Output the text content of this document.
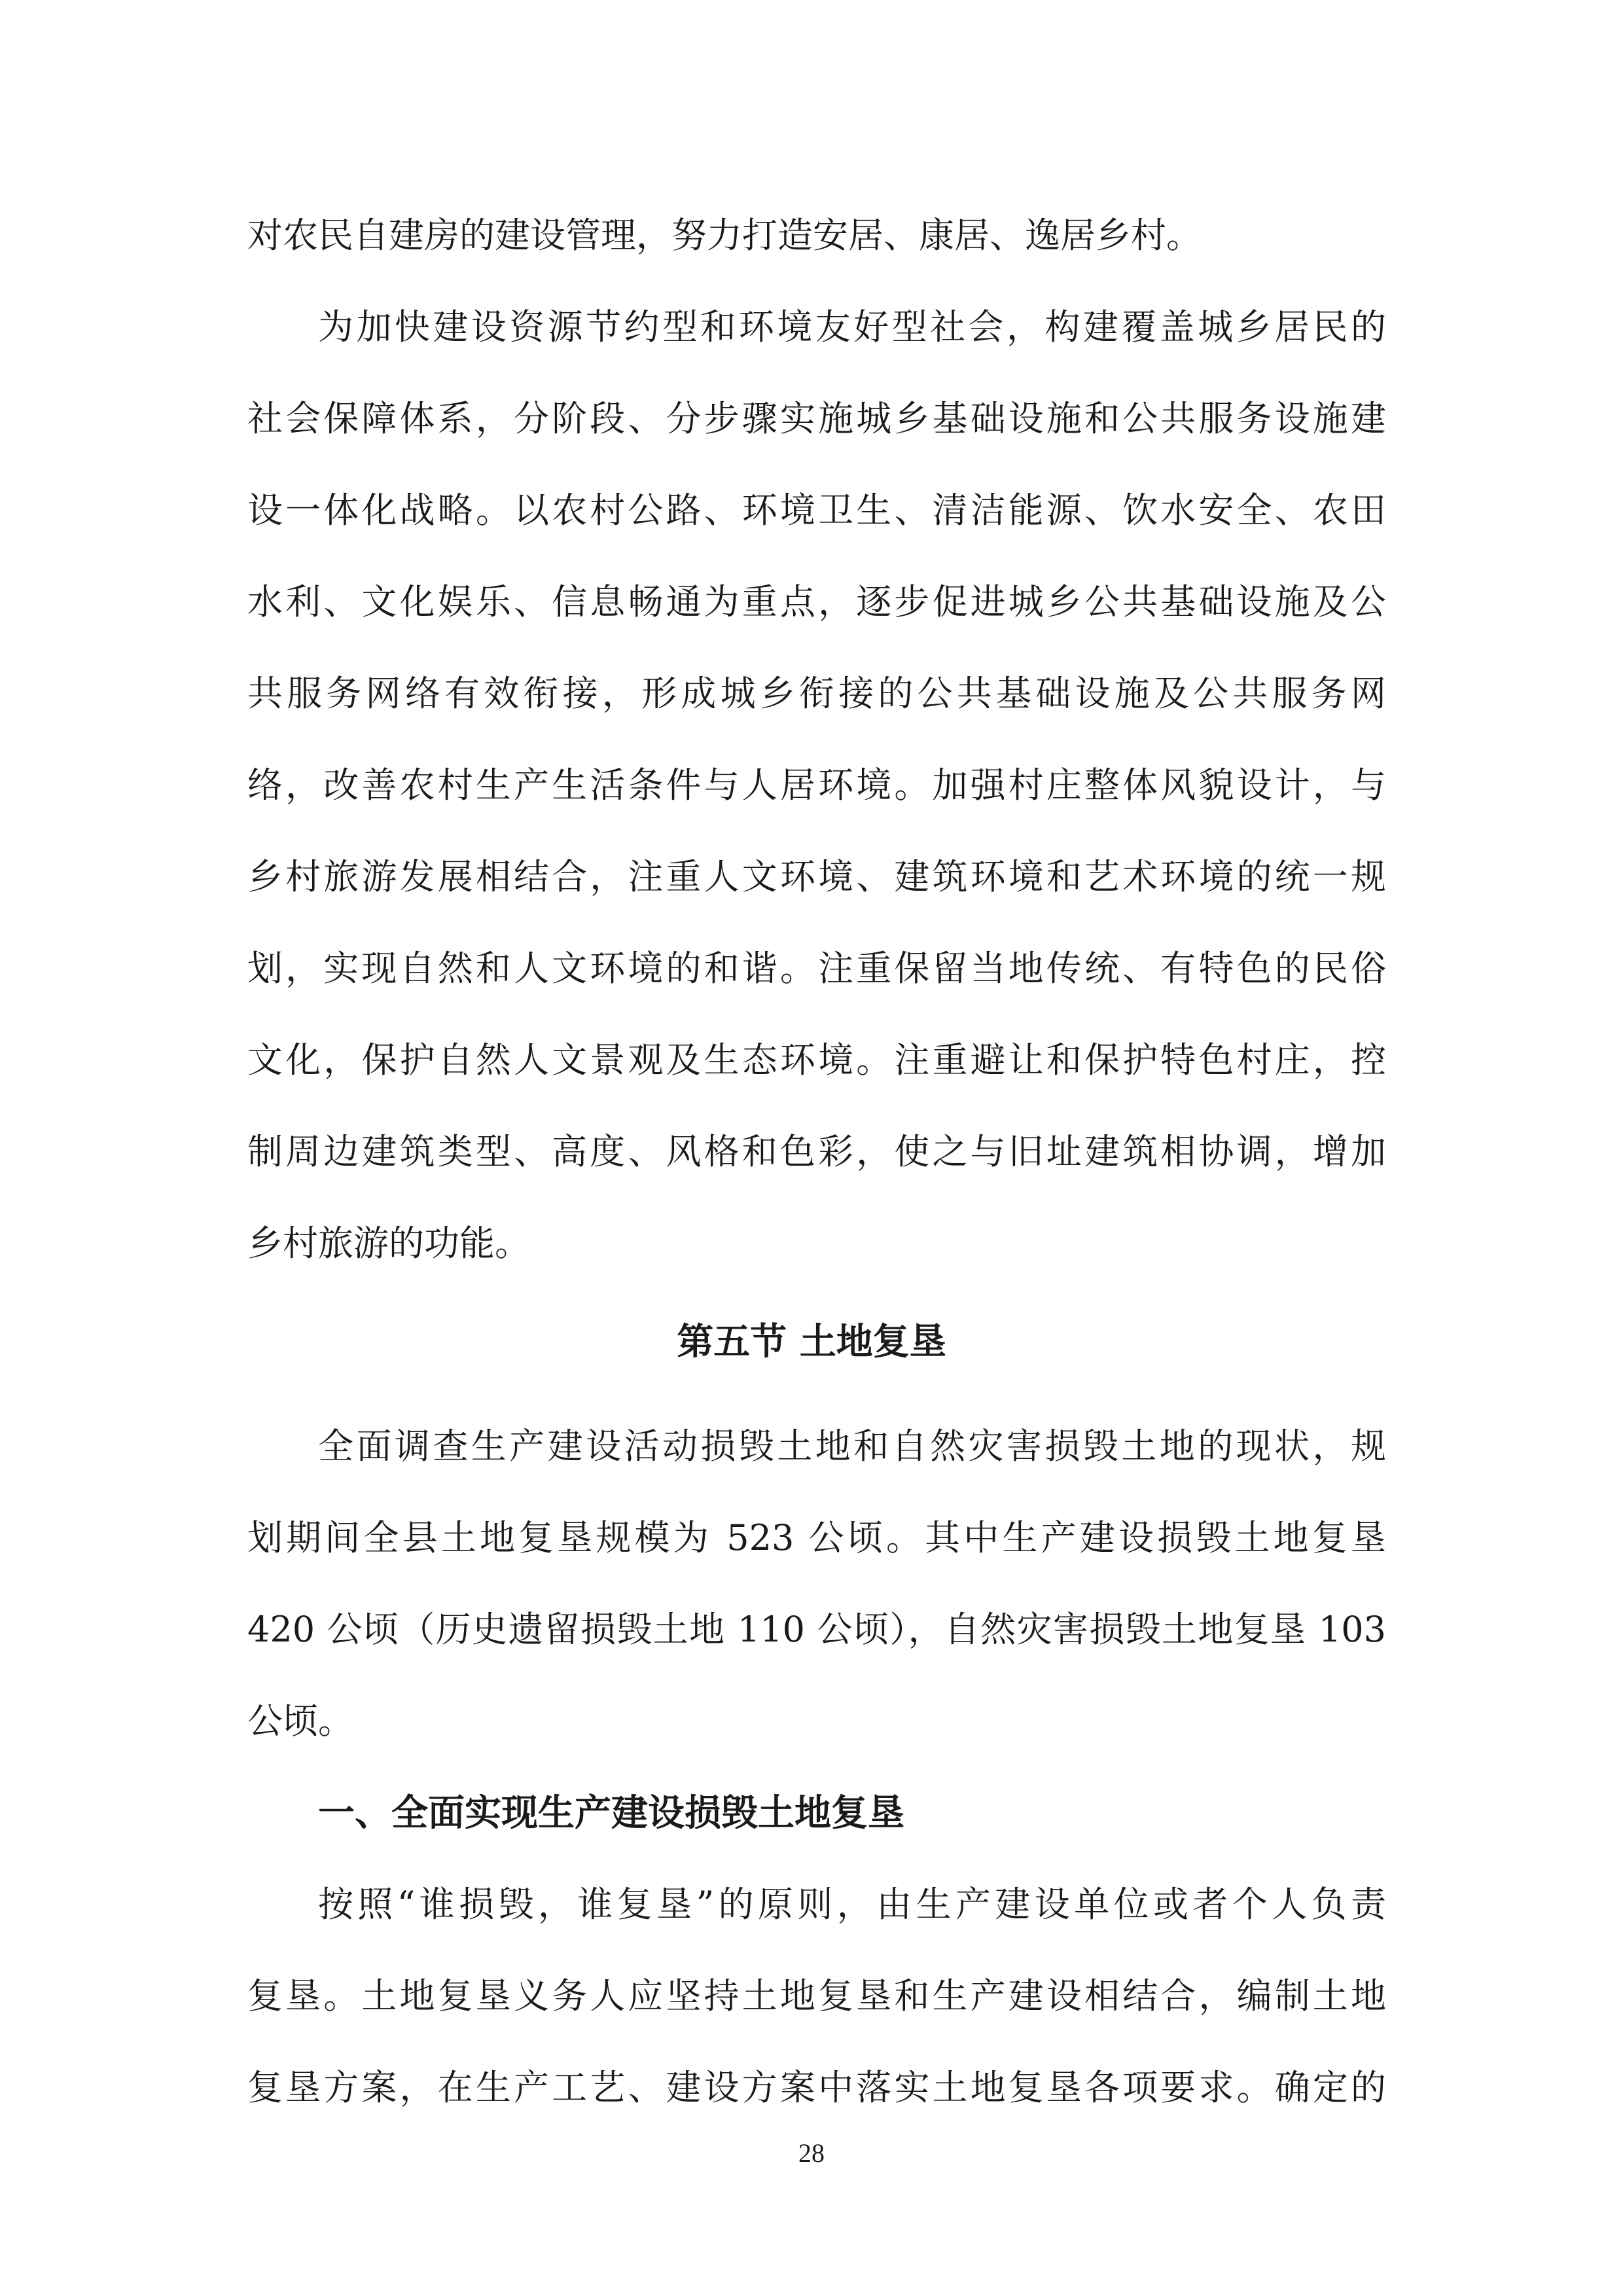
对农民自建房的建设管理，努力打造安居、康居、逸居乡村。
为加快建设资源节约型和环境友好型社会，构建覆盖城乡居民的
社会保障体系，分阶段、分步骤实施城乡基础设施和公共服务设施建
设一体化战略。以农村公路、环境卫生、清洁能源、饮水安全、农田
水利、文化娱乐、信息畅通为重点，逐步促进城乡公共基础设施及公
共服务网络有效衔接，形成城乡衔接的公共基础设施及公共服务网
络，改善农村生产生活条件与人居环境。加强村庄整体风貌设计，与
乡村旅游发展相结合，注重人文环境、建筑环境和艺术环境的统一规
划，实现自然和人文环境的和谐。注重保留当地传统、有特色的民俗
文化，保护自然人文景观及生态环境。注重避让和保护特色村庄，控
制周边建筑类型、高度、风格和色彩，使之与旧址建筑相协调，增加
乡村旅游的功能。
第五节 土地复垦
全面调查生产建设活动损毁土地和自然灾害损毁土地的现状，规
划期间全县土地复垦规模为 523 公顷。其中生产建设损毁土地复垦
420 公顷（历史遗留损毁土地 110 公顷），自然灾害损毁土地复垦 103
公顷。
一、全面实现生产建设损毁土地复垦
按照“谁损毁，谁复垦”的原则，由生产建设单位或者个人负责
复垦。土地复垦义务人应坚持土地复垦和生产建设相结合，编制土地
复垦方案，在生产工艺、建设方案中落实土地复垦各项要求。确定的
28
